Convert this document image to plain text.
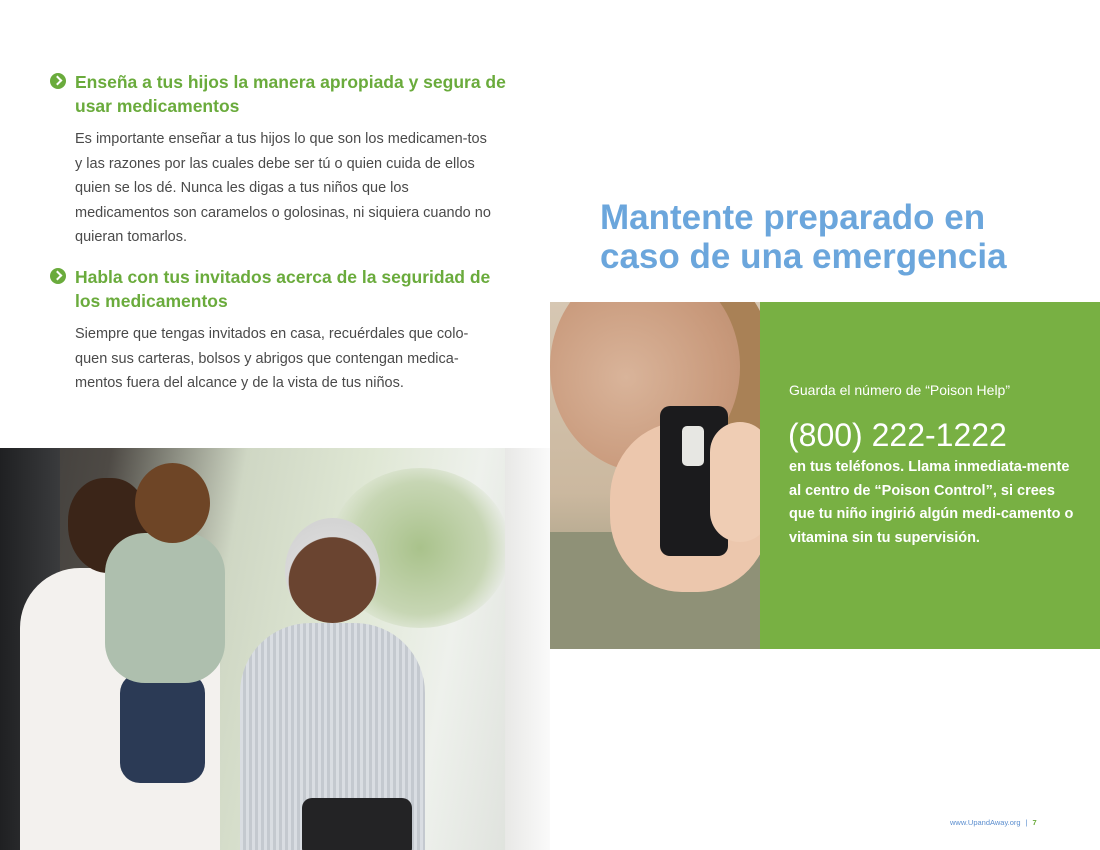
Enseña a tus hijos la manera apropiada y segura de usar medicamentos
Es importante enseñar a tus hijos lo que son los medicamen-tos y las razones por las cuales debe ser tú o quien cuida de ellos quien se los dé. Nunca les digas a tus niños que los medicamentos son caramelos o golosinas, ni siquiera cuando no quieran tomarlos.
Habla con tus invitados acerca de la seguridad de los medicamentos
Siempre que tengas invitados en casa, recuérdales que colo-quen sus carteras, bolsos y abrigos que contengan medica-mentos fuera del alcance y de la vista de tus niños.
Mantente preparado en caso de una emergencia
Guarda el número de “Poison Help”
(800) 222-1222
en tus teléfonos. Llama inmediata-mente al centro de “Poison Control”, si crees que tu niño ingirió algún medi-camento o vitamina sin tu supervisión.
www.UpandAway.org | 7
